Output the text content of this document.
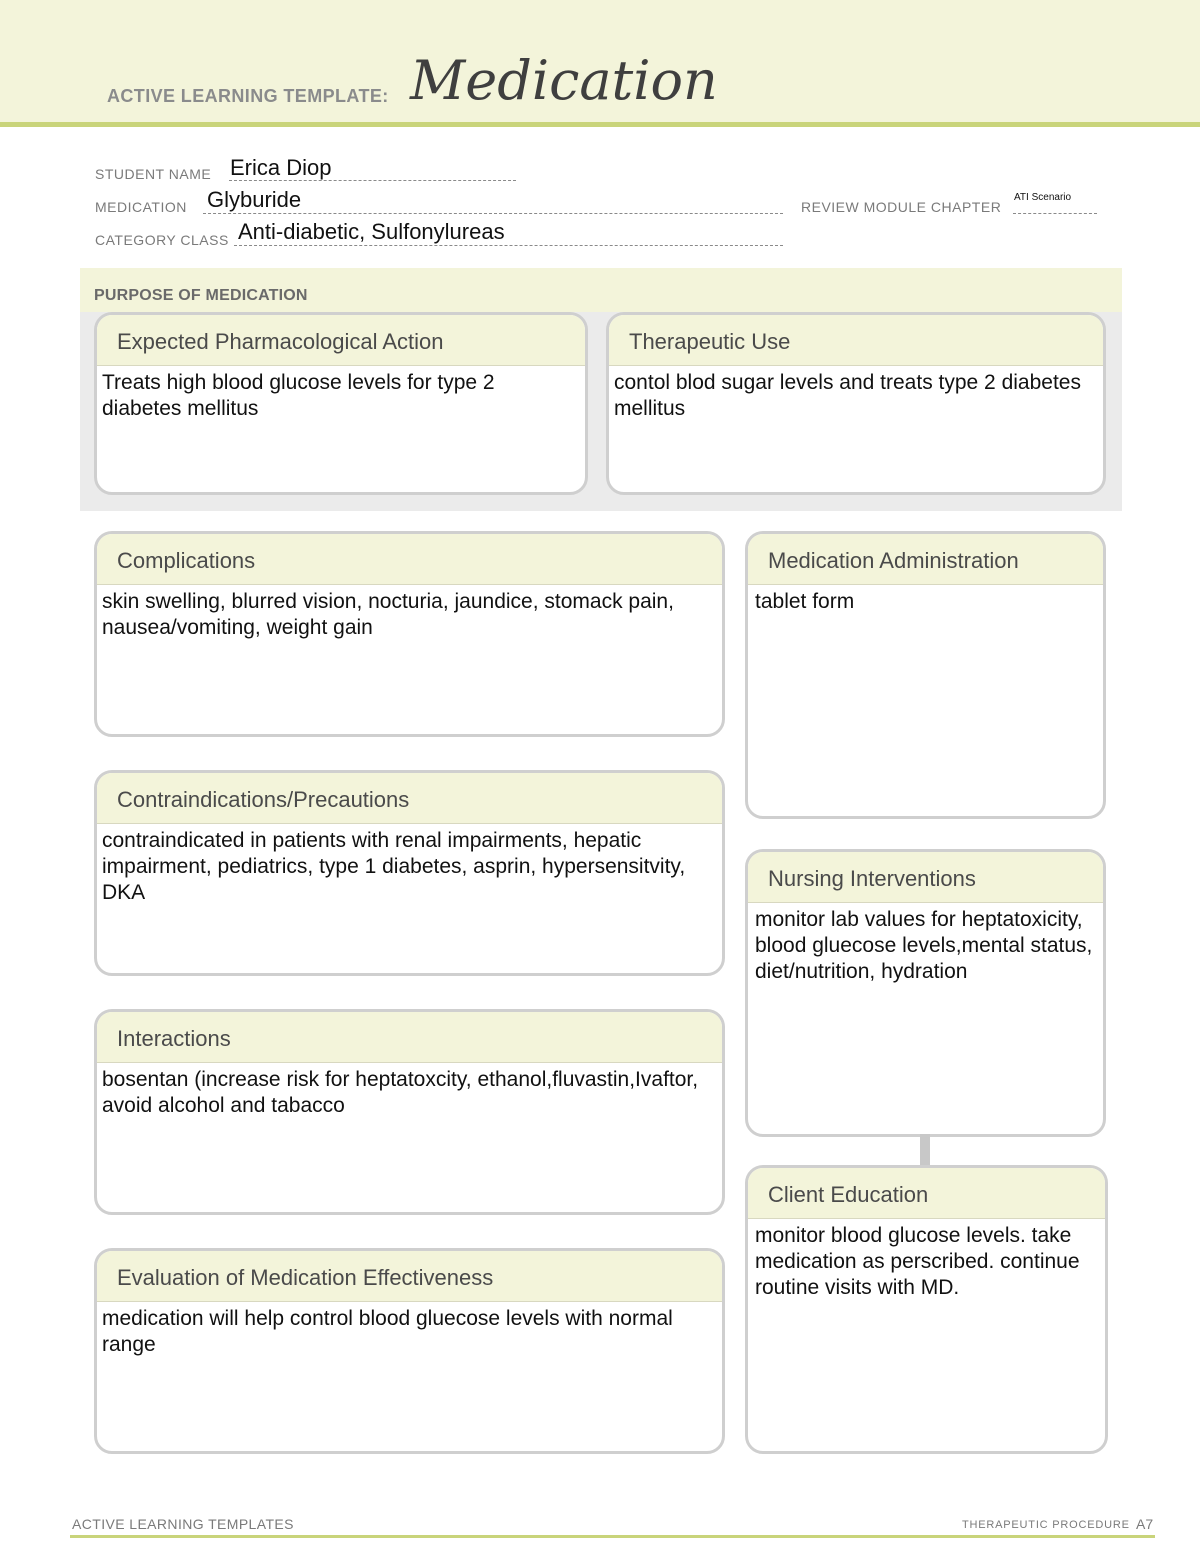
ACTIVE LEARNING TEMPLATE: Medication
STUDENT NAME Erica Diop
MEDICATION Glyburide	REVIEW MODULE CHAPTER
ATI Scenario
CATEGORY CLASS Anti-diabetic, Sulfonylureas
PURPOSE OF MEDICATION
Expected Pharmacological Action
Treats high blood glucose levels for type 2 diabetes mellitus
Therapeutic Use
contol blod sugar levels and treats type 2 diabetes mellitus
Complications
skin swelling, blurred vision, nocturia, jaundice, stomack pain, nausea/vomiting, weight gain
Contraindications/Precautions
contraindicated in patients with renal impairments, hepatic impairment, pediatrics, type 1 diabetes, asprin, hypersensitvity, DKA
Interactions
bosentan (increase risk for heptatoxcity, ethanol,fluvastin,Ivaftor, avoid alcohol and tabacco
Evaluation of Medication Effectiveness
medication will help control blood gluecose levels with normal range
Medication Administration
tablet form
Nursing Interventions
monitor lab values for heptatoxicity, blood gluecose levels,mental status, diet/nutrition, hydration
Client Education
monitor blood glucose levels. take medication as perscribed. continue routine visits with MD.
ACTIVE LEARNING TEMPLATES	THERAPEUTIC PROCEDURE A7
